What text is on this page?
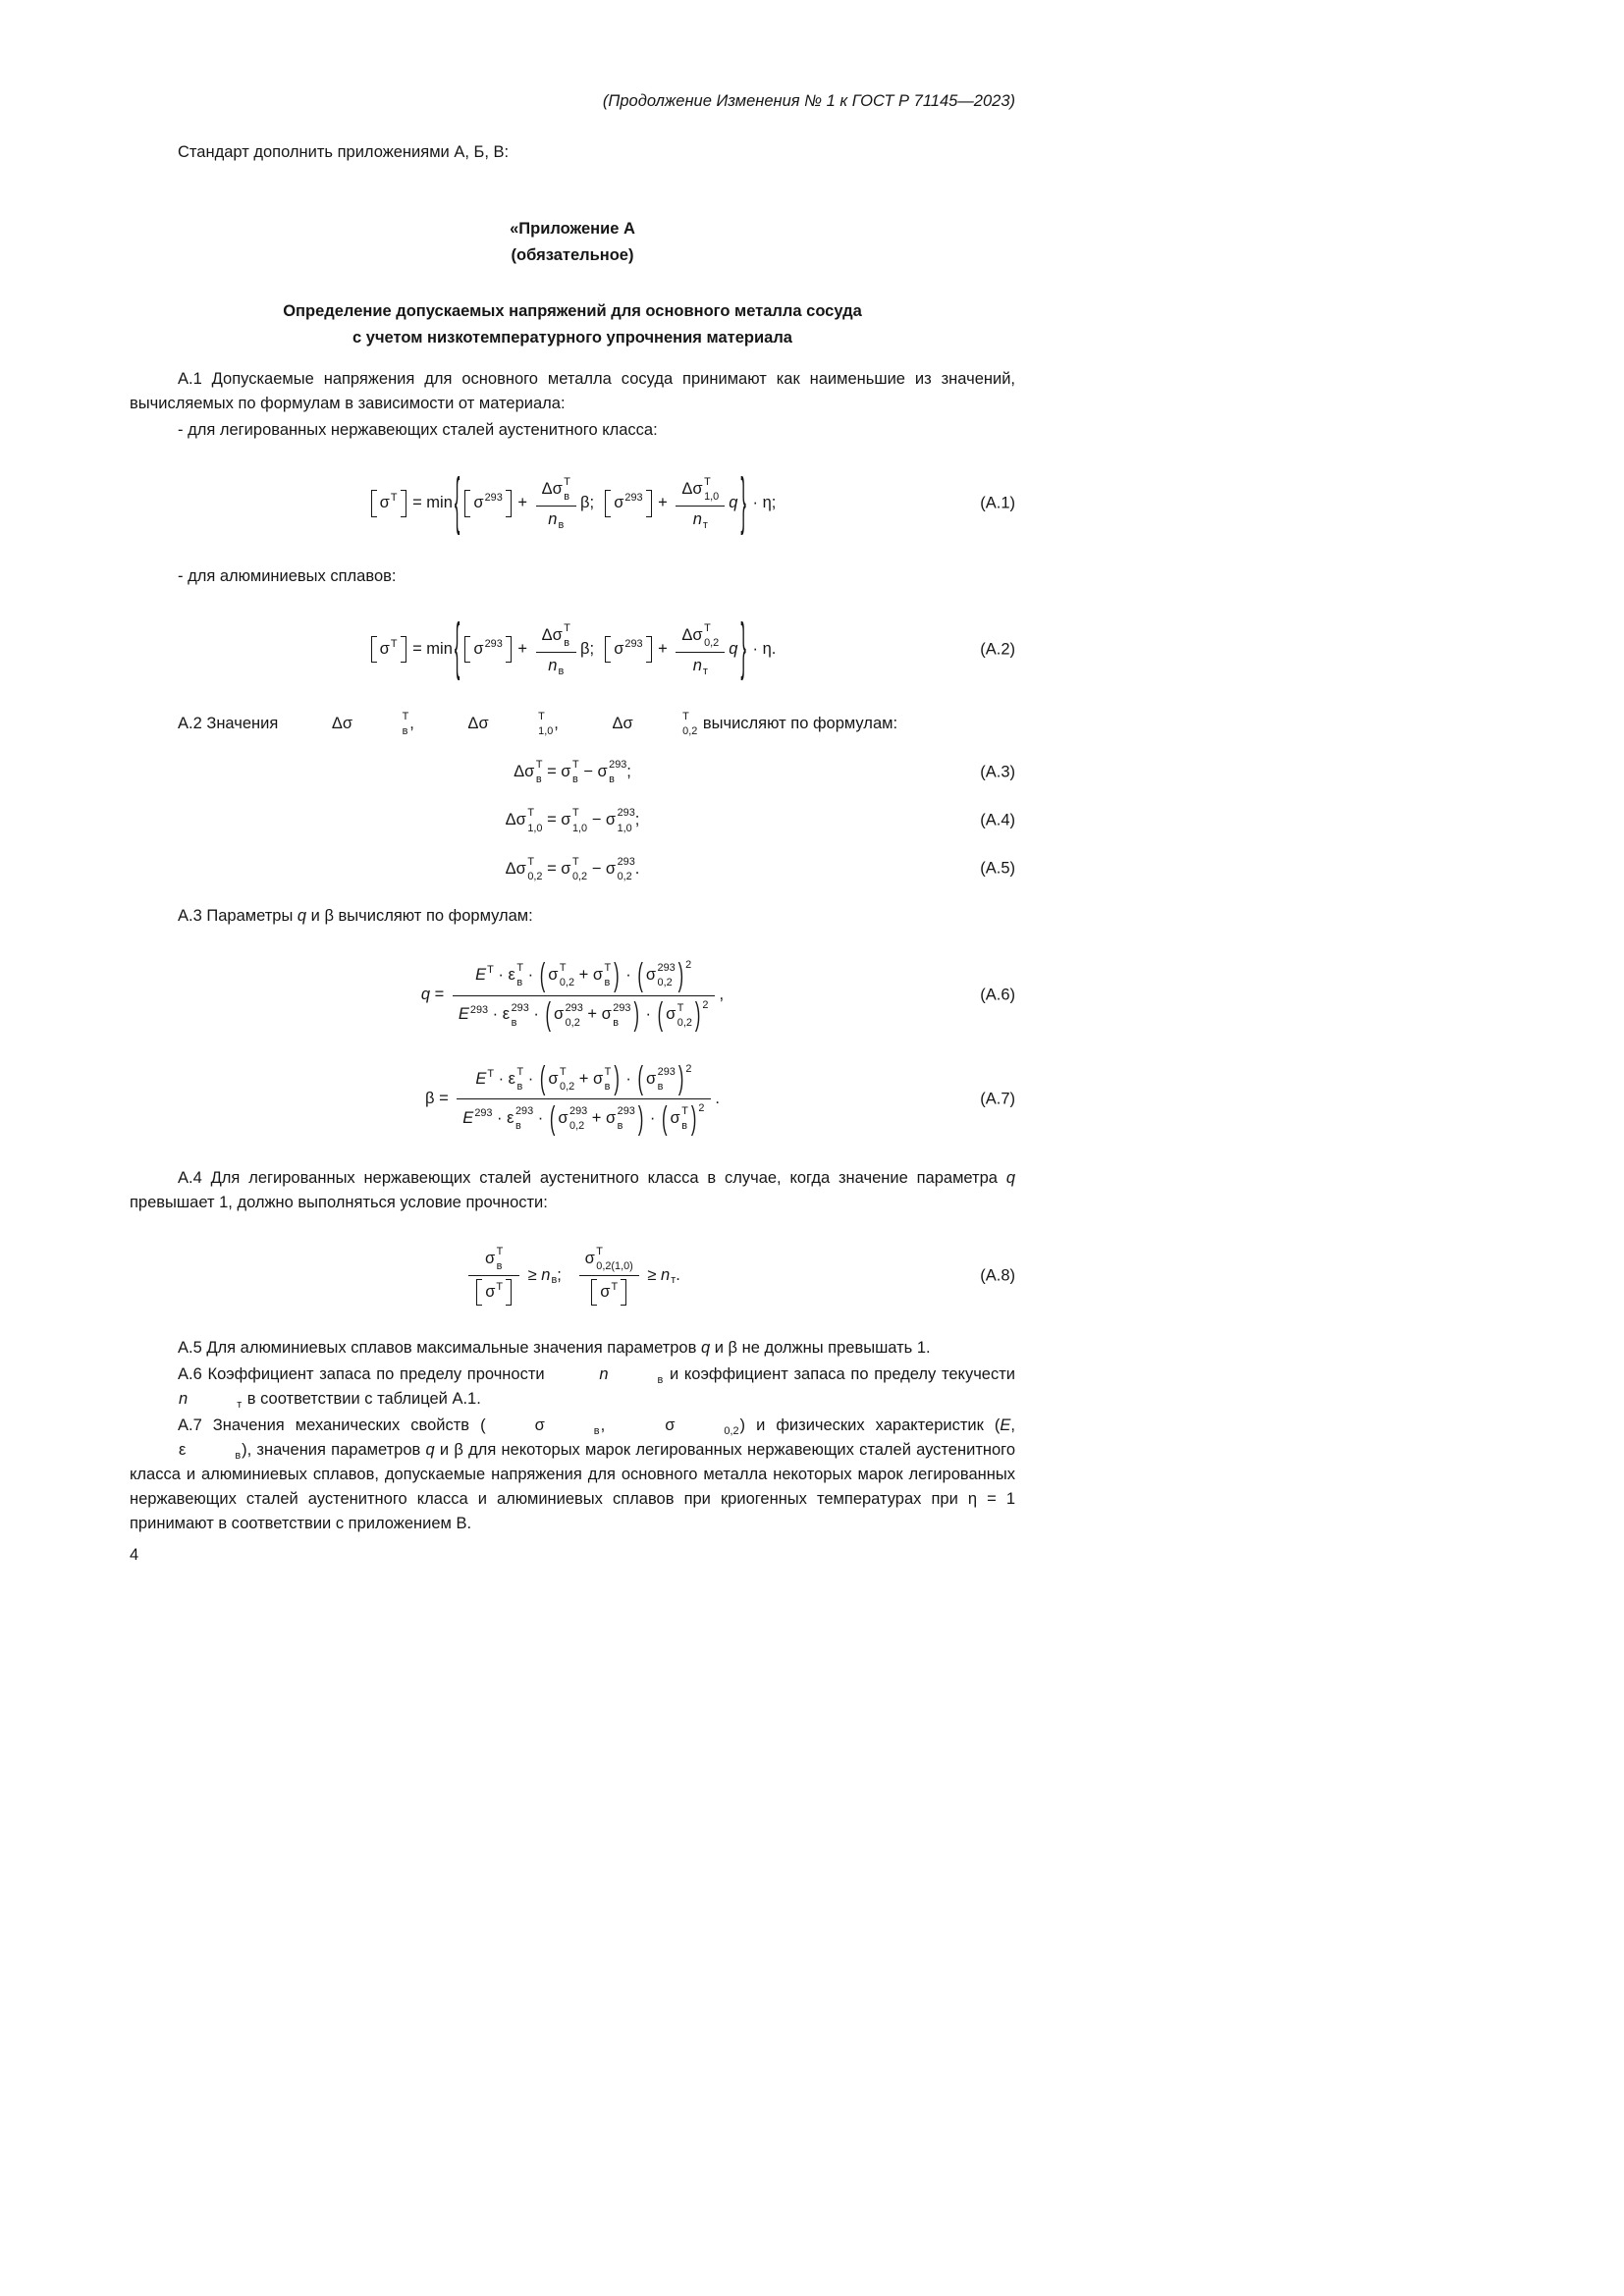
(Продолжение Изменения № 1 к ГОСТ Р 71145—2023)

Стандарт дополнить приложениями А, Б, В:

«Приложение А
(обязательное)
Определение допускаемых напряжений для основного металла сосуда
с учетом низкотемпературного упрочнения материала

А.1 Допускаемые напряжения для основного металла сосуда принимают как наименьшие из значений, вычисляемых по формулам в зависимости от материала:

- для легированных нержавеющих сталей аустенитного класса:

σ T = min { σ 293 +
Δσ T
в
n в
β; σ 293 +
Δσ T
1,0
n т
q } · η;	(А.1)

- для алюминиевых сплавов:

σ T = min { σ 293 +
Δσ T
в
n в
β; σ 293 +
Δσ T
0,2
n т
q } · η.	(А.2)

А.2 Значения	Δσ	T
в ,	Δσ	T
1,0 ,	Δσ	T
0,2 вычисляют по формулам:

Δσ T
в = σ T
в − σ 293
в ;	(А.3)
Δσ T
1,0 = σ T
1,0 − σ 293
1,0 ;	(А.4)
Δσ T
0,2 = σ T
0,2 − σ 293
0,2 .	(А.5)

А.3 Параметры q и β вычисляют по формулам:

q =
E T · ε T
в · ( σ T
0,2 + σ T
в ) · ( σ 293
0,2 ) 2
E 293 · ε 293
в · ( σ 293
0,2 + σ 293
в ) · ( σ T
0,2 ) 2
,	(А.6)
β =
E T · ε T
в · ( σ T
0,2 + σ T
в ) · ( σ 293
в ) 2
E 293 · ε 293
в · ( σ 293
0,2 + σ 293
в ) · ( σ T
в ) 2
.	(А.7)

А.4 Для легированных нержавеющих сталей аустенитного класса в случае, когда значение параметра q превышает 1, должно выполняться условие прочности:

σ T
в
σ T
≥ n в ; σ T
0,2(1,0)
σ T ≥ n т .	(А.8)

А.5 Для алюминиевых сплавов максимальные значения параметров q и β не должны превышать 1.

А.6 Коэффициент запаса по пределу прочности	n	в и коэффициент запаса по пределу текучести
n	т в соответствии с таблицей А.1.

А.7 Значения механических свойств (	σ	в ,	σ	0,2 ) и физических характеристик (E,
ε	в ), значения параметров q и β для некоторых марок легированных нержавеющих сталей аустенитного класса и алюминиевых сплавов, допускаемые напряжения для основного металла некоторых марок легированных нержавеющих сталей аустенитного класса и алюминиевых сплавов при криогенных температурах при η = 1 принимают в соответствии с приложением В.

4
